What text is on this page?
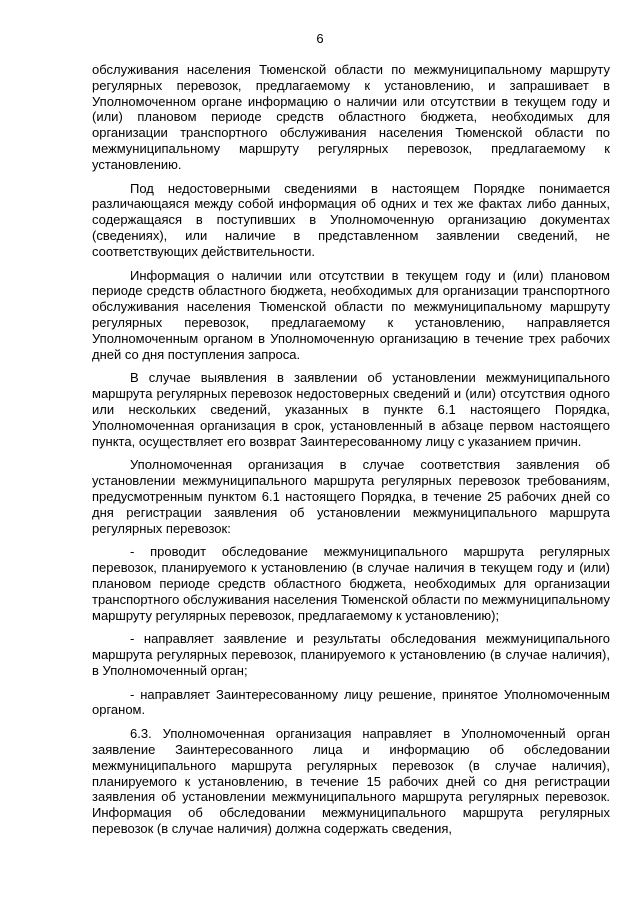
6

обслуживания населения Тюменской области по межмуниципальному маршруту регулярных перевозок, предлагаемому к установлению, и запрашивает в Уполномоченном органе информацию о наличии или отсутствии в текущем году и (или) плановом периоде средств областного бюджета, необходимых для организации транспортного обслуживания населения Тюменской области по межмуниципальному маршруту регулярных перевозок, предлагаемому к установлению.

Под недостоверными сведениями в настоящем Порядке понимается различающаяся между собой информация об одних и тех же фактах либо данных, содержащаяся в поступивших в Уполномоченную организацию документах (сведениях), или наличие в представленном заявлении сведений, не соответствующих действительности.

Информация о наличии или отсутствии в текущем году и (или) плановом периоде средств областного бюджета, необходимых для организации транспортного обслуживания населения Тюменской области по межмуниципальному маршруту регулярных перевозок, предлагаемому к установлению, направляется Уполномоченным органом в Уполномоченную организацию в течение трех рабочих дней со дня поступления запроса.

В случае выявления в заявлении об установлении межмуниципального маршрута регулярных перевозок недостоверных сведений и (или) отсутствия одного или нескольких сведений, указанных в пункте 6.1 настоящего Порядка, Уполномоченная организация в срок, установленный в абзаце первом настоящего пункта, осуществляет его возврат Заинтересованному лицу с указанием причин.

Уполномоченная организация в случае соответствия заявления об установлении межмуниципального маршрута регулярных перевозок требованиям, предусмотренным пунктом 6.1 настоящего Порядка, в течение 25 рабочих дней со дня регистрации заявления об установлении межмуниципального маршрута регулярных перевозок:

- проводит обследование межмуниципального маршрута регулярных перевозок, планируемого к установлению (в случае наличия в текущем году и (или) плановом периоде средств областного бюджета, необходимых для организации транспортного обслуживания населения Тюменской области по межмуниципальному маршруту регулярных перевозок, предлагаемому к установлению);

- направляет заявление и результаты обследования межмуниципального маршрута регулярных перевозок, планируемого к установлению (в случае наличия), в Уполномоченный орган;

- направляет Заинтересованному лицу решение, принятое Уполномоченным органом.

6.3. Уполномоченная организация направляет в Уполномоченный орган заявление Заинтересованного лица и информацию об обследовании межмуниципального маршрута регулярных перевозок (в случае наличия), планируемого к установлению, в течение 15 рабочих дней со дня регистрации заявления об установлении межмуниципального маршрута регулярных перевозок. Информация об обследовании межмуниципального маршрута регулярных перевозок (в случае наличия) должна содержать сведения,
